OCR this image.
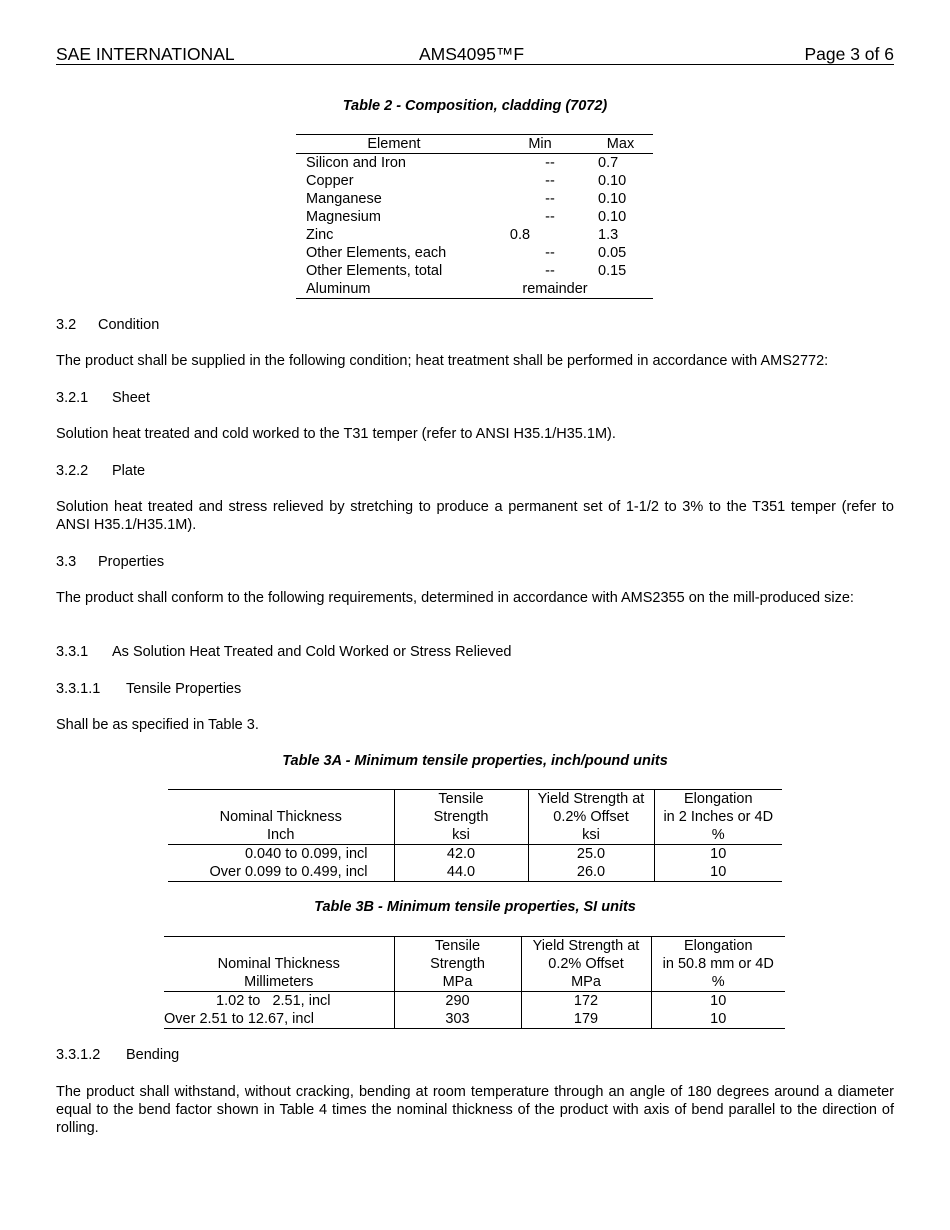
SAE INTERNATIONAL	AMS4095™F	Page 3 of 6
Table 2 - Composition, cladding (7072)
Element	Min	Max
Silicon and Iron	--	0.7
Copper	--	0.10
Manganese	--	0.10
Magnesium	--	0.10
Zinc	0.8	1.3
Other Elements, each	--	0.05
Other Elements, total	--	0.15
Aluminum	remainder	
3.2 Condition
The product shall be supplied in the following condition; heat treatment shall be performed in accordance with AMS2772:
3.2.1 Sheet
Solution heat treated and cold worked to the T31 temper (refer to ANSI H35.1/H35.1M).
3.2.2 Plate
Solution heat treated and stress relieved by stretching to produce a permanent set of 1-1/2 to 3% to the T351 temper (refer to ANSI H35.1/H35.1M).
3.3 Properties
The product shall conform to the following requirements, determined in accordance with AMS2355 on the mill-produced size:
3.3.1 As Solution Heat Treated and Cold Worked or Stress Relieved
3.3.1.1 Tensile Properties
Shall be as specified in Table 3.
Table 3A - Minimum tensile properties, inch/pound units
	Tensile	Yield Strength at	Elongation
Nominal Thickness	Strength	0.2% Offset	in 2 Inches or 4D
Inch	ksi	ksi	%
0.040 to 0.099, incl	42.0	25.0	10
Over 0.099 to 0.499, incl	44.0	26.0	10
Table 3B - Minimum tensile properties, SI units
	Tensile	Yield Strength at	Elongation
Nominal Thickness	Strength	0.2% Offset	in 50.8 mm or 4D
Millimeters	MPa	MPa	%
1.02 to   2.51, incl	290	172	10
Over 2.51 to 12.67, incl	303	179	10
3.3.1.2 Bending
The product shall withstand, without cracking, bending at room temperature through an angle of 180 degrees around a diameter equal to the bend factor shown in Table 4 times the nominal thickness of the product with axis of bend parallel to the direction of rolling.
